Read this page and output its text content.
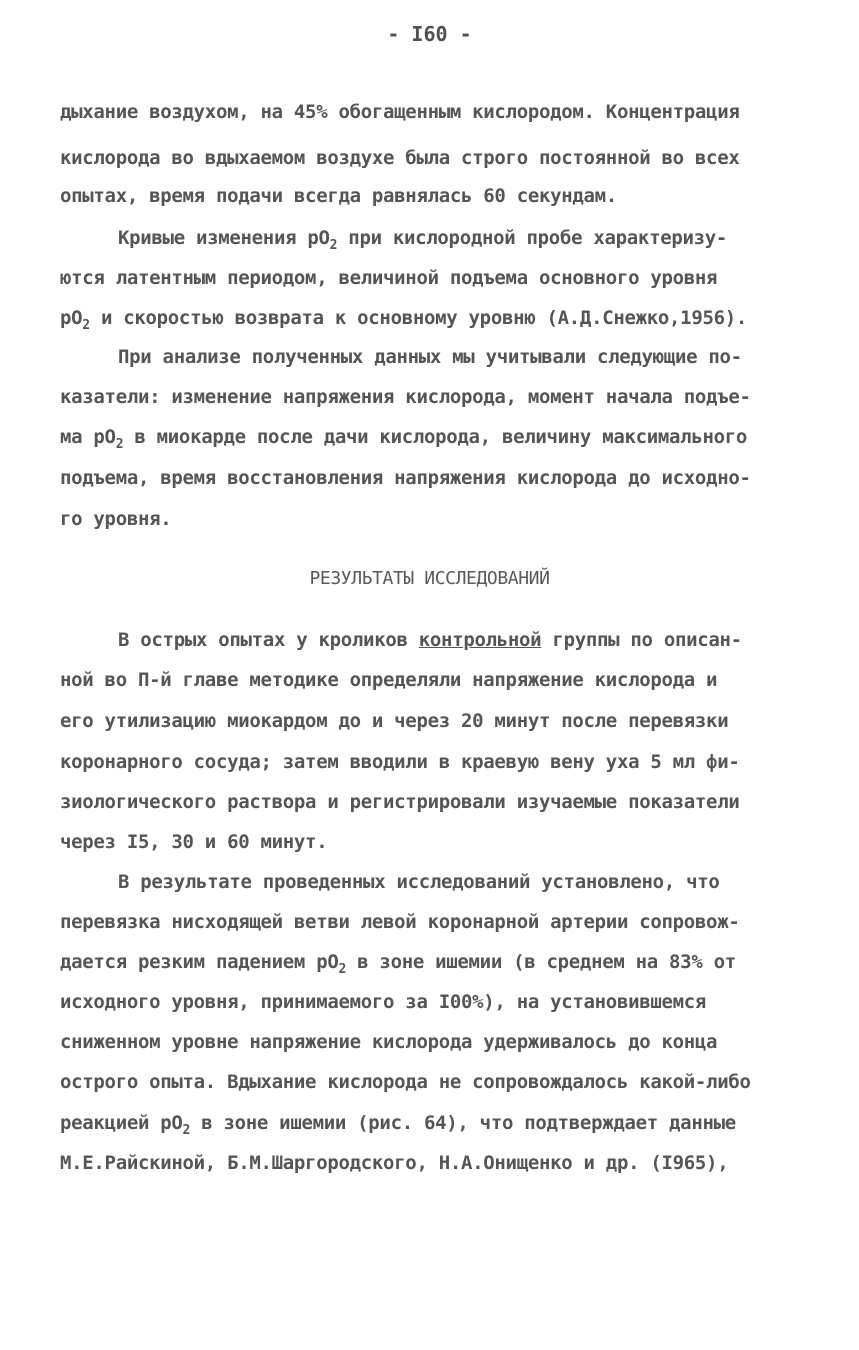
- I60 -
дыхание воздухом, на 45% обогащенным кислородом. Концентрация
кислорода во вдыхаемом воздухе была строго постоянной во всех
опытах, время подачи всегда равнялась 60 секундам.
Кривые изменения $pO_2$ при кислородной пробе характеризу-
ются латентным периодом, величиной подъема основного уровня
$pO_2$ и скоростью возврата к основному уровню (А.Д.Снежко,1956).
При анализе полученных данных мы учитывали следующие по-
казатели: изменение напряжения кислорода, момент начала подъе-
ма $pO_2$ в миокарде после дачи кислорода, величину максимального
подъема, время восстановления напряжения кислорода до исходно-
го уровня.
РЕЗУЛЬТАТЫ ИССЛЕДОВАНИЙ
В острых опытах у кроликов контрольной группы по описан-
ной во П-й главе методике определяли напряжение кислорода и
его утилизацию миокардом до и через 20 минут после перевязки
коронарного сосуда; затем вводили в краевую вену уха 5 мл фи-
зиологического раствора и регистрировали изучаемые показатели
через I5, 30 и 60 минут.
В результате проведенных исследований установлено, что
перевязка нисходящей ветви левой коронарной артерии сопровож-
дается резким падением $pO_2$ в зоне ишемии (в среднем на 83% от
исходного уровня, принимаемого за I00%), на установившемся
сниженном уровне напряжение кислорода удерживалось до конца
острого опыта. Вдыхание кислорода не сопровождалось какой-либо
реакцией $pO_2$ в зоне ишемии (рис. 64), что подтверждает данные
М.Е.Райскиной, Б.М.Шаргородского, Н.А.Онищенко и др. (I965),
